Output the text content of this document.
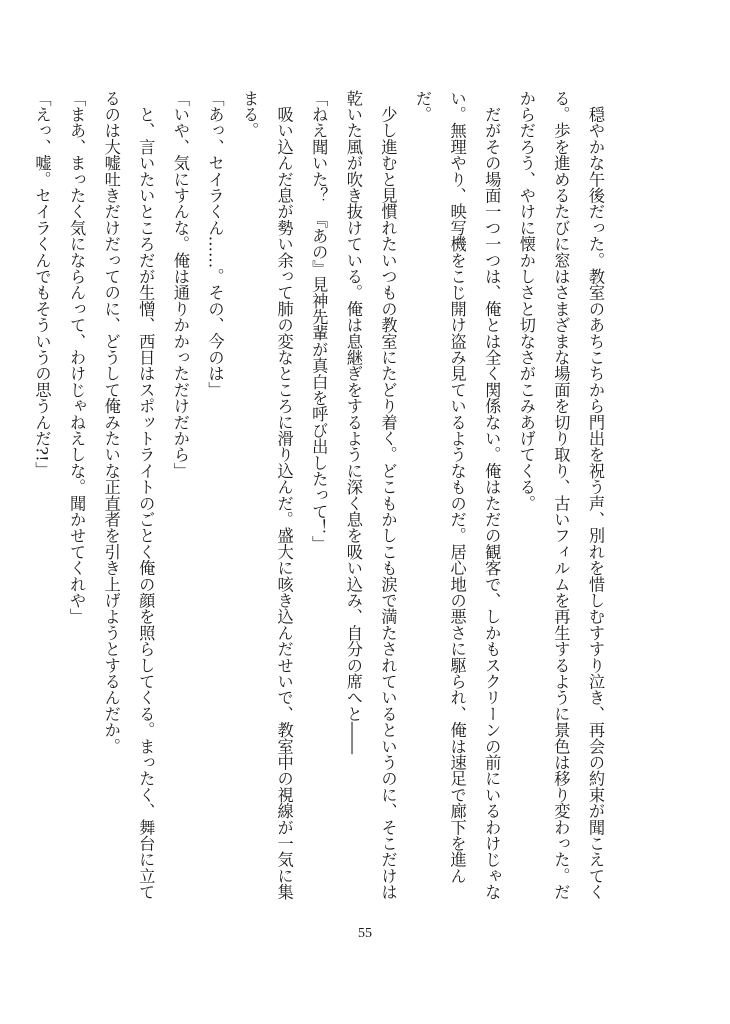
　穏やかな午後だった。教室のあちこちから門出を祝う声、別れを惜しむすすり泣き、再会の約束が聞こえてくる。歩を進めるたびに窓はさまざまな場面を切り取り、古いフィルムを再生するように景色は移り変わった。だからだろう、やけに懐かしさと切なさがこみあげてくる。
　だがその場面一つ一つは、俺とは全く関係ない。俺はただの観客で、しかもスクリーンの前にいるわけじゃない。無理やり、映写機をこじ開け盗み見ているようなものだ。居心地の悪さに駆られ、俺は速足で廊下を進んだ。
　少し進むと見慣れたいつもの教室にたどり着く。どこもかしこも涙で満たされているというのに、そこだけは乾いた風が吹き抜けている。俺は息継ぎをするように深く息を吸い込み、自分の席へと――
「ねえ聞いた？　『あの』見神先輩が真白を呼び出したって！」
　吸い込んだ息が勢い余って肺の変なところに滑り込んだ。盛大に咳き込んだせいで、教室中の視線が一気に集まる。
「あっ、セイラくん……。その、今のは」
「いや、気にすんな。俺は通りかかっただけだから」
　と、言いたいところだが生憎、西日はスポットライトのごとく俺の顔を照らしてくる。まったく、舞台に立てるのは大嘘吐きだけだってのに、どうして俺みたいな正直者を引き上げようとするんだか。
「まあ、まったく気にならんって、わけじゃねえしな。聞かせてくれや」
「えっ、嘘。セイラくんでもそういうの思うんだ?!」
55
